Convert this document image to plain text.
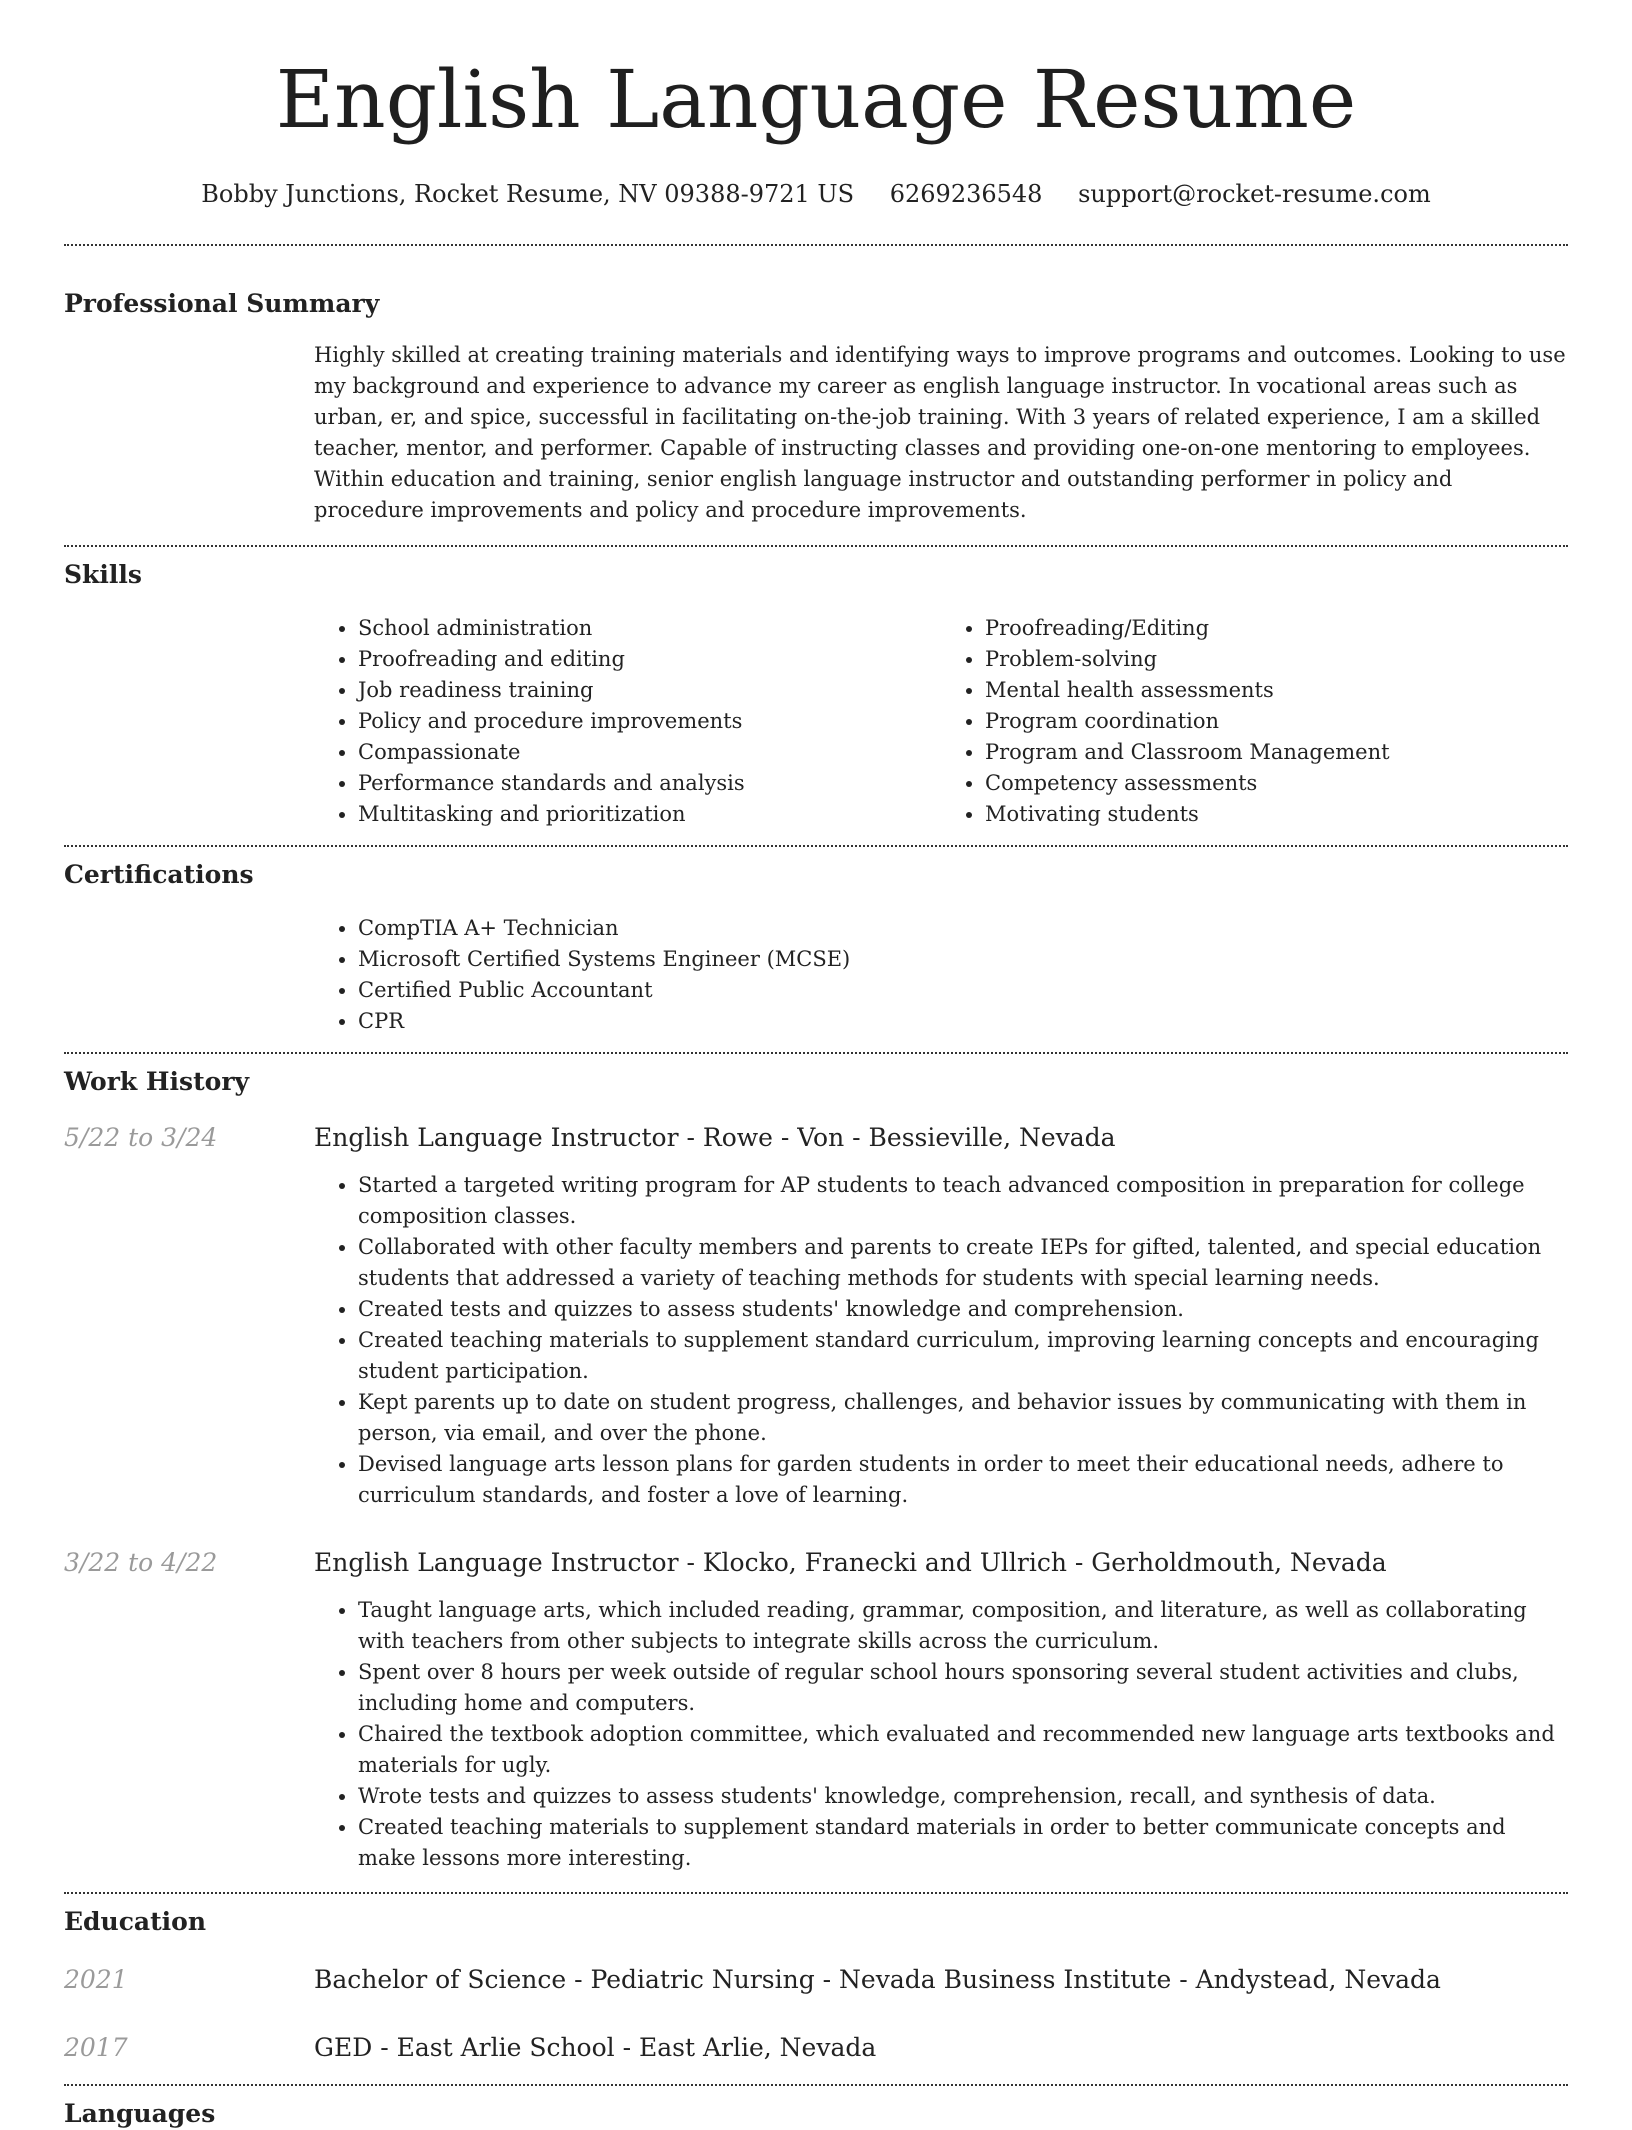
English Language Resume
Bobby Junctions, Rocket Resume, NV 09388-9721 US 6269236548 support@rocket-resume.com
Professional Summary

Highly skilled at creating training materials and identifying ways to improve programs and outcomes. Looking to use my background and experience to advance my career as english language instructor. In vocational areas such as urban, er, and spice, successful in facilitating on-the-job training. With 3 years of related experience, I am a skilled teacher, mentor, and performer. Capable of instructing classes and providing one-on-one mentoring to employees. Within education and training, senior english language instructor and outstanding performer in policy and procedure improvements and policy and procedure improvements.

Skills
• School administration
• Proofreading and editing
• Job readiness training
• Policy and procedure improvements
• Compassionate
• Performance standards and analysis
• Multitasking and prioritization
• Proofreading/Editing
• Problem-solving
• Mental health assessments
• Program coordination
• Program and Classroom Management
• Competency assessments
• Motivating students
Certifications
• CompTIA A+ Technician
• Microsoft Certified Systems Engineer (MCSE)
• Certified Public Accountant
• CPR
Work History
5/22 to 3/24	English Language Instructor - Rowe - Von - Bessieville, Nevada
• Started a targeted writing program for AP students to teach advanced composition in preparation for college composition classes.
• Collaborated with other faculty members and parents to create IEPs for gifted, talented, and special education students that addressed a variety of teaching methods for students with special learning needs.
• Created tests and quizzes to assess students' knowledge and comprehension.
• Created teaching materials to supplement standard curriculum, improving learning concepts and encouraging student participation.
• Kept parents up to date on student progress, challenges, and behavior issues by communicating with them in person, via email, and over the phone.
• Devised language arts lesson plans for garden students in order to meet their educational needs, adhere to curriculum standards, and foster a love of learning.
3/22 to 4/22	English Language Instructor - Klocko, Franecki and Ullrich - Gerholdmouth, Nevada
• Taught language arts, which included reading, grammar, composition, and literature, as well as collaborating with teachers from other subjects to integrate skills across the curriculum.
• Spent over 8 hours per week outside of regular school hours sponsoring several student activities and clubs, including home and computers.
• Chaired the textbook adoption committee, which evaluated and recommended new language arts textbooks and materials for ugly.
• Wrote tests and quizzes to assess students' knowledge, comprehension, recall, and synthesis of data.
• Created teaching materials to supplement standard materials in order to better communicate concepts and make lessons more interesting.
Education
2021	Bachelor of Science - Pediatric Nursing - Nevada Business Institute - Andystead, Nevada
2017	GED - East Arlie School - East Arlie, Nevada
Languages
